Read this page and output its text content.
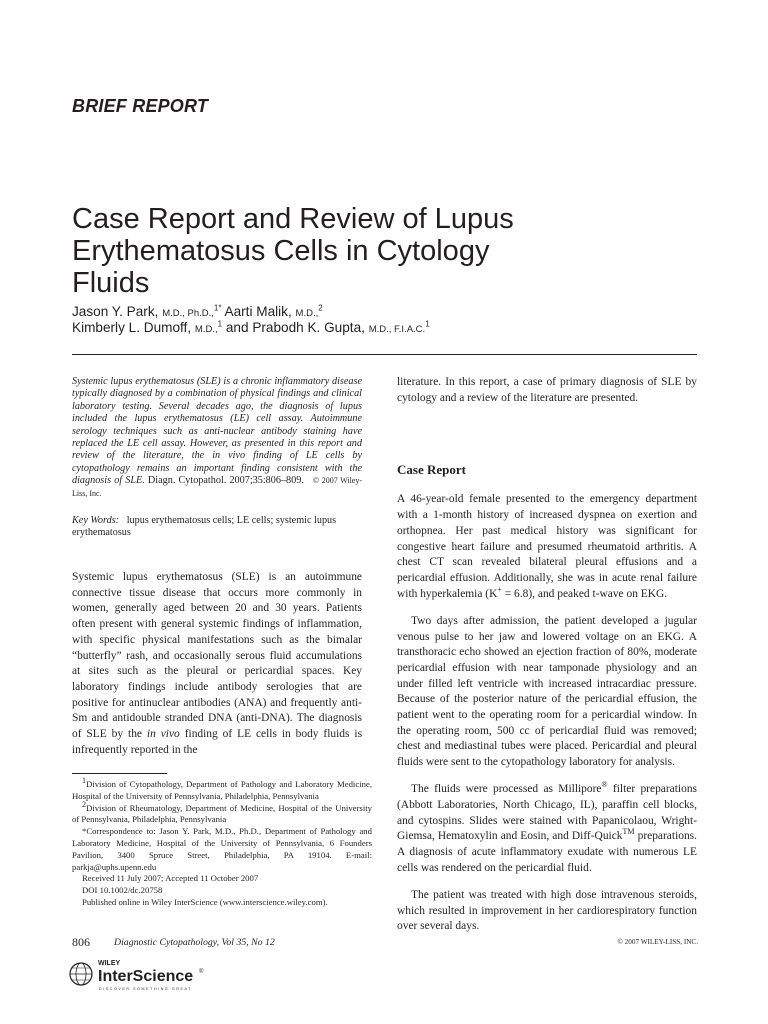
BRIEF REPORT
Case Report and Review of Lupus Erythematosus Cells in Cytology Fluids
Jason Y. Park, M.D., Ph.D.,$^{1*}$ Aarti Malik, M.D.,$^2$
Kimberly L. Dumoff, M.D.,$^1$ and Prabodh K. Gupta, M.D., F.I.A.C.$^1$
Systemic lupus erythematosus (SLE) is a chronic inflammatory disease typically diagnosed by a combination of physical findings and clinical laboratory testing. Several decades ago, the diagnosis of lupus included the lupus erythematosus (LE) cell assay. Autoimmune serology techniques such as anti-nuclear antibody staining have replaced the LE cell assay. However, as presented in this report and review of the literature, the in vivo finding of LE cells by cytopathology remains an important finding consistent with the diagnosis of SLE. Diagn. Cytopathol. 2007;35:806–809. © 2007 Wiley-Liss, Inc.
Key Words: lupus erythematosus cells; LE cells; systemic lupus erythematosus

Systemic lupus erythematosus (SLE) is an autoimmune connective tissue disease that occurs more commonly in women, generally aged between 20 and 30 years. Patients often present with general systemic findings of inflammation, with specific physical manifestations such as the bimalar “butterfly” rash, and occasionally serous fluid accumulations at sites such as the pleural or pericardial spaces. Key laboratory findings include antibody serologies that are positive for antinuclear antibodies (ANA) and frequently anti-Sm and antidouble stranded DNA (anti-DNA). The diagnosis of SLE by the in vivo finding of LE cells in body fluids is infrequently reported in the

$^1$Division of Cytopathology, Department of Pathology and Laboratory Medicine, Hospital of the University of Pennsylvania, Philadelphia, Pennsylvania

$^2$Division of Rheumatology, Department of Medicine, Hospital of the University of Pennsylvania, Philadelphia, Pennsylvania

*Correspondence to: Jason Y. Park, M.D., Ph.D., Department of Pathology and Laboratory Medicine, Hospital of the University of Pennsylvania, 6 Founders Pavilion, 3400 Spruce Street, Philadelphia, PA 19104. E-mail: parkja@uphs.upenn.edu

Received 11 July 2007; Accepted 11 October 2007

DOI 10.1002/dc.20758

Published online in Wiley InterScience (www.interscience.wiley.com).

literature. In this report, a case of primary diagnosis of SLE by cytology and a review of the literature are presented.

Case Report

A 46-year-old female presented to the emergency department with a 1-month history of increased dyspnea on exertion and orthopnea. Her past medical history was significant for congestive heart failure and presumed rheumatoid arthritis. A chest CT scan revealed bilateral pleural effusions and a pericardial effusion. Additionally, she was in acute renal failure with hyperkalemia (K+ = 6.8), and peaked t-wave on EKG.

Two days after admission, the patient developed a jugular venous pulse to her jaw and lowered voltage on an EKG. A transthoracic echo showed an ejection fraction of 80%, moderate pericardial effusion with near tamponade physiology and an under filled left ventricle with increased intracardiac pressure. Because of the posterior nature of the pericardial effusion, the patient went to the operating room for a pericardial window. In the operating room, 500 cc of pericardial fluid was removed; chest and mediastinal tubes were placed. Pericardial and pleural fluids were sent to the cytopathology laboratory for analysis.

The fluids were processed as Millipore® filter preparations (Abbott Laboratories, North Chicago, IL), paraffin cell blocks, and cytospins. Slides were stained with Papanicolaou, Wright-Giemsa, Hematoxylin and Eosin, and Diff-Quick™ preparations. A diagnosis of acute inflammatory exudate with numerous LE cells was rendered on the pericardial fluid.

The patient was treated with high dose intravenous steroids, which resulted in improvement in her cardiorespiratory function over several days.

806 Diagnostic Cytopathology, Vol 35, No 12	© 2007 WILEY-LISS, INC.
WILEY
InterScience ®
DISCOVER SOMETHING GREAT
